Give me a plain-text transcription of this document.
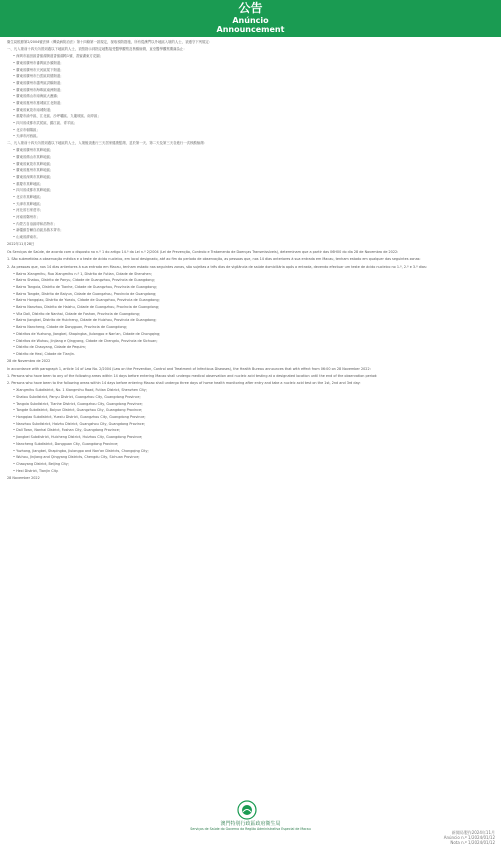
公告
Anúncio
Announcement

衛生局根據第2/2004號法律《傳染病防治法》第十四條第一款規定，採取預防措施，所有從澳門以外地區入境的人士，須遵守下列規定：

一、凡入境前十四天內曾到過以下地區的人士，須按指示到指定地點接受醫學觀察及核酸檢測，直至醫學觀察期滿為止：

• 深圳市福田區香蜜湖街道香蜜湖路1號、香蜜湖東方花園；

• 廣東省廣州市番禺區沙頭街道；

• 廣東省廣州市天河區棠下街道；

• 廣東省廣州市白雲區同德街道；

• 廣東省廣州市越秀區洪橋街道；

• 廣東省廣州市海珠區南洲街道；

• 廣東省佛山市南海區大瀝鎮；

• 廣東省惠州市惠城區江北街道；

• 廣東省東莞市南城街道；

• 重慶市渝中區、江北區、沙坪壩區、九龍坡區、南岸區；

• 四川省成都市武侯區、錦江區、青羊區；

• 北京市朝陽區；

• 天津市河西區。

二、凡入境前十四天內曾到過以下地區的人士，入境後須進行三天居家健康監測，並於第一天、第二天及第三天各進行一次核酸檢測：

• 廣東省廣州市其餘地區；

• 廣東省佛山市其餘地區；

• 廣東省東莞市其餘地區；

• 廣東省惠州市其餘地區；

• 廣東省深圳市其餘地區；

• 重慶市其餘地區；

• 四川省成都市其餘地區；

• 北京市其餘地區；

• 天津市其餘地區；

• 河北省石家莊市；

• 河南省鄭州市；

• 內蒙古自治區呼和浩特市；

• 新疆維吾爾自治區烏魯木齊市；

• 山東省濟南市。

2022年11月28日

Os Serviços de Saúde, de acordo com o disposto no n.º 1 do artigo 14.º da Lei n.º 2/2004 (Lei de Prevenção, Controlo e Tratamento de Doenças Transmissíveis), determinam que a partir das 06H00 do dia 28 de Novembro de 2022:

1. São submetidas a observação médica e a teste de ácido nucleico, em local designado, até ao fim do período de observação, as pessoas que, nos 14 dias anteriores à sua entrada em Macau, tenham estado em qualquer das seguintes zonas:

2. As pessoas que, nos 14 dias anteriores à sua entrada em Macau, tenham estado nas seguintes zonas, são sujeitas a três dias de vigilância de saúde domiciliária após a entrada, devendo efectuar um teste de ácido nucleico no 1.º, 2.º e 3.º dias:

• Bairro Xiangmihu, Rua Xiangmihu n.º 1, Distrito de Futian, Cidade de Shenzhen;

• Bairro Shatou, Distrito de Panyu, Cidade de Guangzhou, Província de Guangdong;

• Bairro Tangxia, Distrito de Tianhe, Cidade de Guangzhou, Província de Guangdong;

• Bairro Tongde, Distrito de Baiyun, Cidade de Guangzhou, Província de Guangdong;

• Bairro Hongqiao, Distrito de Yuexiu, Cidade de Guangzhou, Província de Guangdong;

• Bairro Nanzhou, Distrito de Haizhu, Cidade de Guangzhou, Província de Guangdong;

• Vila Dali, Distrito de Nanhai, Cidade de Foshan, Província de Guangdong;

• Bairro Jiangbei, Distrito de Huicheng, Cidade de Huizhou, Província de Guangdong;

• Bairro Nancheng, Cidade de Dongguan, Província de Guangdong;

• Distritos de Yuzhong, Jiangbei, Shapingba, Jiulongpo e Nan'an, Cidade de Chongqing;

• Distritos de Wuhou, Jinjiang e Qingyang, Cidade de Chengdu, Província de Sichuan;

• Distrito de Chaoyang, Cidade de Pequim;

• Distrito de Hexi, Cidade de Tianjin.

28 de Novembro de 2022

In accordance with paragraph 1, article 14 of Law No. 2/2004 (Law on the Prevention, Control and Treatment of Infectious Diseases), the Health Bureau announces that with effect from 06:00 on 28 November 2022:

1. Persons who have been to any of the following areas within 14 days before entering Macao shall undergo medical observation and nucleic acid testing at a designated location until the end of the observation period:

2. Persons who have been to the following areas within 14 days before entering Macao shall undergo three days of home health monitoring after entry and take a nucleic acid test on the 1st, 2nd and 3rd day:

• Xiangmihu Subdistrict, No. 1 Xiangmihu Road, Futian District, Shenzhen City;

• Shatou Subdistrict, Panyu District, Guangzhou City, Guangdong Province;

• Tangxia Subdistrict, Tianhe District, Guangzhou City, Guangdong Province;

• Tongde Subdistrict, Baiyun District, Guangzhou City, Guangdong Province;

• Hongqiao Subdistrict, Yuexiu District, Guangzhou City, Guangdong Province;

• Nanzhou Subdistrict, Haizhu District, Guangzhou City, Guangdong Province;

• Dali Town, Nanhai District, Foshan City, Guangdong Province;

• Jiangbei Subdistrict, Huicheng District, Huizhou City, Guangdong Province;

• Nancheng Subdistrict, Dongguan City, Guangdong Province;

• Yuzhong, Jiangbei, Shapingba, Jiulongpo and Nan'an Districts, Chongqing City;

• Wuhou, Jinjiang and Qingyang Districts, Chengdu City, Sichuan Province;

• Chaoyang District, Beijing City;

• Hexi District, Tianjin City.

28 November 2022

澳門特別行政區政府衛生局
Serviços de Saúde do Governo da Região Administrativa Especial de Macau
新聞局製作2024年11月
Anúncio n.º 1/2024/01/12
Nota n.º 1/2024/01/12
